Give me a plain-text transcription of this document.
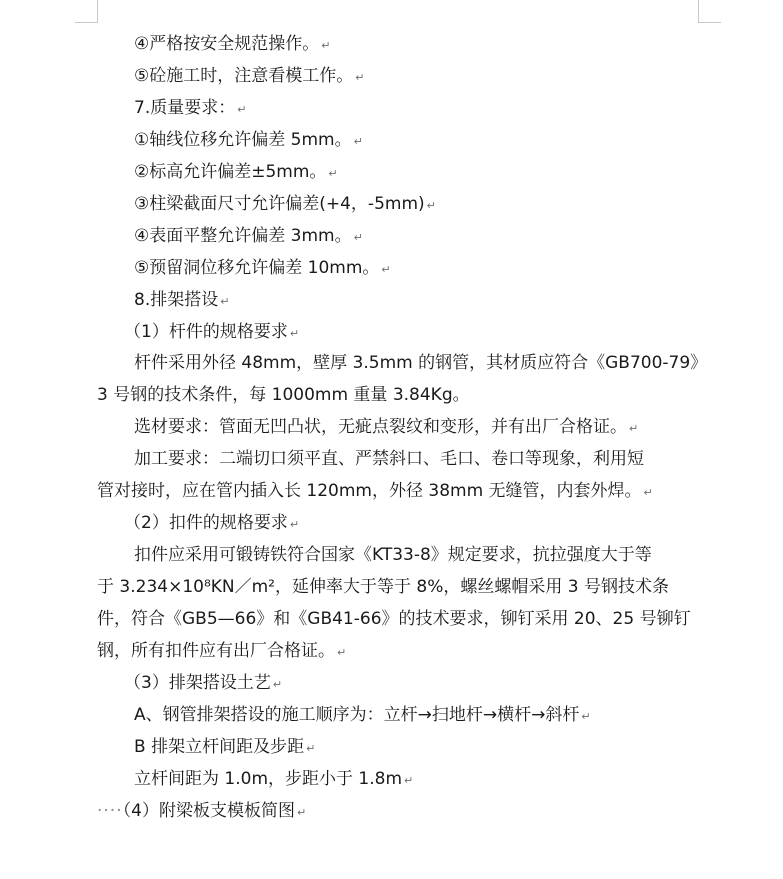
④严格按安全规范操作。 ↵
⑤砼施工时，注意看模工作。 ↵
7.质量要求： ↵
①轴线位移允许偏差 5mm。 ↵
②标高允许偏差±5mm。 ↵
③柱梁截面尺寸允许偏差(+4，-5mm) ↵
④表面平整允许偏差 3mm。 ↵
⑤预留洞位移允许偏差 10mm。 ↵
8.排架搭设 ↵
（1）杆件的规格要求 ↵
杆件采用外径 48mm，壁厚 3.5mm 的钢管，其材质应符合《GB700-79》
3 号钢的技术条件，每 1000mm 重量 3.84Kg。
选材要求：管面无凹凸状，无疵点裂纹和变形，并有出厂合格证。 ↵
加工要求：二端切口须平直、严禁斜口、毛口、卷口等现象，利用短
管对接时，应在管内插入长 120mm，外径 38mm 无缝管，内套外焊。 ↵
（2）扣件的规格要求 ↵
扣件应采用可锻铸铁符合国家《KT33-8》规定要求，抗拉强度大于等
于 3.234×10⁸KN／m²，延伸率大于等于 8%，螺丝螺帽采用 3 号钢技术条
件，符合《GB5—66》和《GB41-66》的技术要求，铆钉采用 20、25 号铆钉
钢，所有扣件应有出厂合格证。 ↵
（3）排架搭设土艺 ↵
A、钢管排架搭设的施工顺序为：立杆→扫地杆→横杆→斜杆 ↵
B 排架立杆间距及步距 ↵
立杆间距为 1.0m，步距小于 1.8m ↵
····（4）附梁板支模板简图 ↵
